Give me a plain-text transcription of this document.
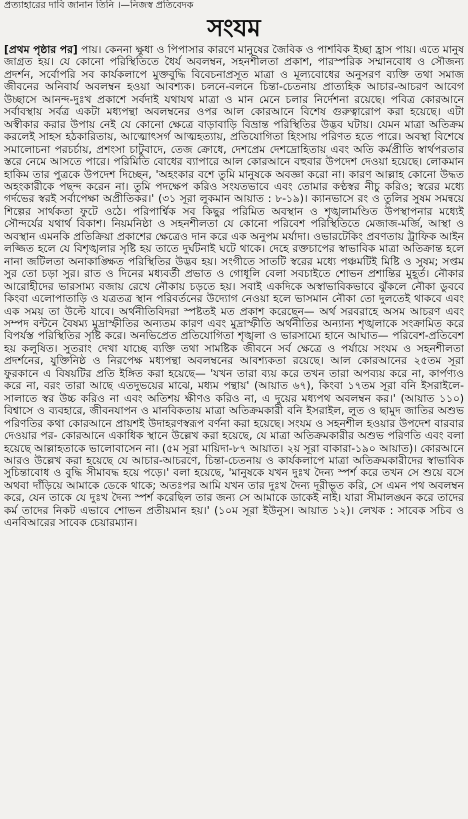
প্রত্যাহারের দাবি জানান তিনি ।—নিজস্ব প্রতিবেদক
সংযম
[প্রথম পৃষ্ঠার পর] পায়। কেননা ক্ষুধা ও পিপাসার কারণে মানুষের জৈবিক ও পাশবিক ইচ্ছা হ্রাস পায়। এতে মানুষ জাগ্রত হয়। যে কোনো পরিস্থিতিতে ধৈর্য অবলম্বন, সহনশীলতা প্রকাশ, পারস্পরিক সম্মানবোধ ও সৌজন্য প্রদর্শন, সর্বোপরি সব কার্যকলাপে মুক্তবুদ্ধি বিবেচনাপ্রসূত মাত্রা ও মূল্যবোধের অনুসরণ ব্যক্তি তথা সমাজ জীবনের অনিবার্য অবলম্বন হওয়া আবশ্যক। চলনে-বলনে চিন্তা-চেতনায় প্রাত্যহিক আচার-আচরণ আবেগ উচ্ছাসে আনন্দ-দুঃখ প্রকাশে সর্বদাই যথাযথ মাত্রা ও মান মেনে চলার নির্দেশনা রয়েছে। পবিত্র কোরআনে সর্বাবস্থায় সর্বত্র একটা মধ্যপন্থা অবলম্বনের ওপর আল কোরআনে বিশেষ গুরুত্বারোপ করা হয়েছে। এটা অস্বীকার করার উপায় নেই যে কোনো ক্ষেত্রে বাড়াবাড়ি বিভ্রান্ত পরিস্থিতির উদ্ভব ঘটায়। যেমন মাত্রা অতিক্রম করলেই সাহস হঠকারিতায়, আত্মোৎসর্গ আত্মহত্যায়, প্রতিযোগিতা হিংসায় পরিণত হতে পারে। অবস্থা বিশেষে সমালোচনা পরচর্চায়, প্রশংসা চাটুবাদে, তেজ ক্রোধে, দেশপ্রেম দেশদ্রোহিতায় এবং অতি কর্মপ্রীতি স্বার্থপরতার স্তরে নেমে আসতে পারে। পরিমিতি বোধের ব্যাপারে আল কোরআনে বহুবার উপদেশ দেওয়া হয়েছে। লোকমান হাকিম তার পুত্রকে উপদেশ দিচ্ছেন, 'অহংকার বশে তুমি মানুষকে অবজ্ঞা করো না। কারণ আল্লাহ কোনো উদ্ধত অহংকারীকে পছন্দ করেন না। তুমি পদক্ষেপ করিও সংযতভাবে এবং তোমার কণ্ঠস্বর নীচু করিও; স্বরের মধ্যে গর্দভের স্বরই সর্বাপেক্ষা অপ্রীতিকর।' (৩১ সূরা লুকমান আয়াত : ৮-১৯)। ক্যানভাসে রং ও তুলির সুষম সমন্বয়ে শিল্পের সার্থকতা ফুটে ওঠে। পরিপার্শ্বিক সব কিছুর পরিমিত অবস্থান ও শৃঙ্খলামণ্ডিত উপস্থাপনার মধ্যেই সৌন্দর্যের যথার্থ বিকাশ। নিয়মনিষ্ঠা ও সহনশীলতা যে কোনো পরিবেশ পরিস্থিতিতে মেজাজ-মর্জি, আস্থা ও অবস্থান এমনকি প্রতিক্রিয়া প্রকাশের ক্ষেত্রেও দান করে এক অনুপম মর্যাদা। ওভারটেকিং প্রবণতায় ট্রাফিক আইন লজ্জিত হলে যে বিশৃঙ্খলার সৃষ্টি হয় তাতে দুর্ঘটনাই ঘটে থাকে। দেহে রক্তচাপের স্বাভাবিক মাত্রা অতিক্রান্ত হলে নানা জটিলতা অনাকাঙ্ক্ষিত পরিস্থিতির উদ্ভব হয়। সংগীতে সাতটি স্বরের মধ্যে পঞ্চমটিই মিষ্টি ও সুষম; সপ্তম সুর তো চড়া সুর। রাত ও দিনের মধ্যবর্তী প্রভাত ও গোধূলি বেলা সবচাইতে শোভন প্রশান্তির মুহূর্ত। নৌকার আরোহীদের ভারসাম্য বজায় রেখে নৌকায় চড়তে হয়। সবাই একদিকে অস্বাভাবিকভাবে ঝুঁকলে নৌকা ডুববে কিংবা এলোপাতাড়ি ও যত্রতত্র স্থান পরিবর্তনের উদ্যোগ নেওয়া হলে ভাসমান নৌকা তো দুলতেই থাকবে এবং এক সময় তা উল্টে যাবে। অর্থনীতিবিদরা স্পষ্টতই মত প্রকাশ করেছেন— অর্থ সরবরাহে অসম আচরণ এবং সম্পদ বন্টনে বৈষম্য মুদ্রাস্ফীতির অন্যতম কারণ এবং মুদ্রাস্ফীতি অর্থনীতির অন্যান্য শৃঙ্খলাকে সংক্রামিত করে বিপর্যস্ত পরিস্থিতির সৃষ্টি করে। অনভিপ্রেত প্রতিযোগিতা শৃঙ্খলা ও ভারসাম্যে হানে আঘাত— পরিবেশ-প্রতিবেশ হয় কলুষিত। সুতরাং দেখা যাচ্ছে ব্যক্তি তথা সামষ্টিক জীবনে সর্ব ক্ষেত্রে ও পর্যায়ে সংযম ও সহনশীলতা প্রদর্শনের, যুক্তিনিষ্ঠ ও নিরপেক্ষ মধ্যপন্থা অবলম্বনের আবশ্যকতা রয়েছে। আল কোরআনের ২৫তম সূরা ফুরকানে এ বিষয়টির প্রতি ইঙ্গিত করা হয়েছে— 'যখন তারা ব্যয় করে তখন তারা অপব্যয় করে না, কার্পণ্যও করে না, বরং তারা আছে এতদুভয়ের মাঝে, মধ্যম পন্থায়' (আয়াত ৬৭), কিংবা ১৭তম সূরা বনি ইসরাইলে-সালাতে স্বর উচ্চ করিও না এবং অতিশয় ক্ষীণও করিও না, এ দুয়ের মধ্যপথ অবলম্বন কর।' (আয়াত ১১০) বিশ্বাসে ও ব্যবহারে, জীবনযাপন ও মানবিকতায় মাত্রা অতিক্রমকারী বনি ইসরাইল, লুত ও ছামুদ জাতির অশুভ পরিণতির কথা কোরআনে প্রায়শই উদাহরণস্বরূপ বর্ণনা করা হয়েছে। সংযম ও সহনশীল হওয়ার উপদেশ বারবার দেওয়ার পর- কোরআনে একাধিক স্থানে উল্লেখ করা হয়েছে, যে মাত্রা অতিক্রমকারীর অশুভ পরিণতি এবং বলা হয়েছে আল্লাহতাকে ভালোবাসেন না। (৫ম সূরা মায়িদা-৮৭ আয়াত। ২য় সূরা বাকারা-১৯০ আয়াত)। কোরআনে আরও উল্লেখ করা হয়েছে যে আচার-আচরণে, চিন্তা-চেতনায় ও কার্যকলাপে মাত্রা অতিক্রমকারীদের স্বাভাবিক সুচিন্তাবোধ ও বুদ্ধি সীমাবদ্ধ হয়ে পড়ে।' বলা হয়েছে, 'মানুষকে যখন দুঃখ দৈন্য স্পর্শ করে তখন সে শুয়ে বসে অথবা দাঁড়িয়ে আমাকে ডেকে থাকে; অতঃপর আমি যখন তার দুঃখ দৈন্য দূরীভূত করি, সে এমন পথ অবলম্বন করে, যেন তাকে যে দুঃখ দৈন্য স্পর্শ করেছিল তার জন্য সে আমাকে ডাকেই নাই। যারা সীমালঙ্ঘন করে তাদের কর্ম তাদের নিকট এভাবে শোভন প্রতীয়মান হয়।' (১০ম সূরা ইউনুস। আয়াত ১২)। লেখক : সাবেক সচিব ও এনবিআরের সাবেক চেয়ারম্যান।
